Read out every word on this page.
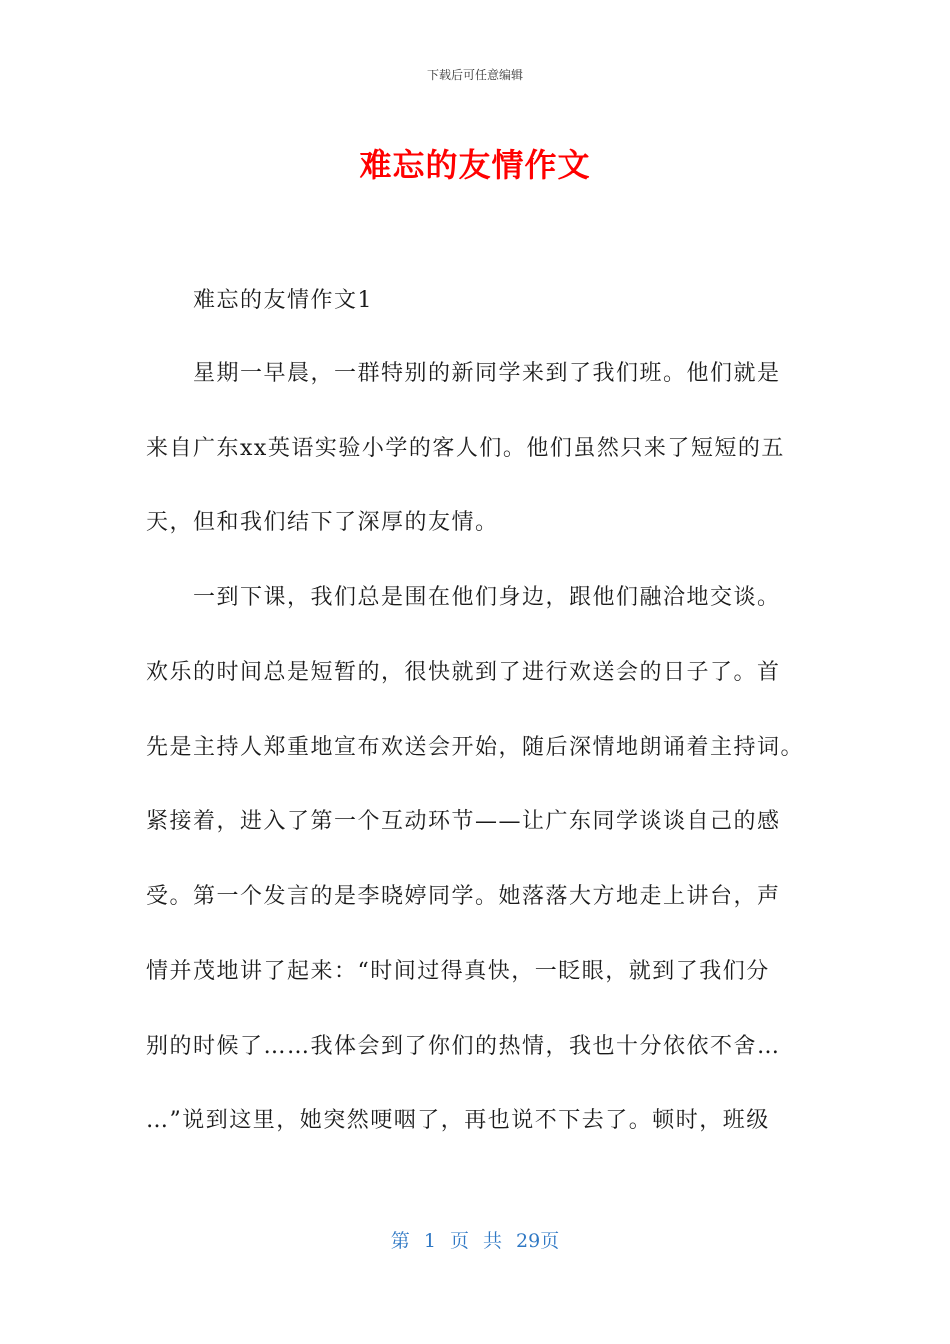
下载后可任意编辑
难忘的友情作文
难忘的友情作文1
星期一早晨，一群特别的新同学来到了我们班。他们就是
来自广东xx英语实验小学的客人们。他们虽然只来了短短的五
天，但和我们结下了深厚的友情。
一到下课，我们总是围在他们身边，跟他们融洽地交谈。
欢乐的时间总是短暂的，很快就到了进行欢送会的日子了。首
先是主持人郑重地宣布欢送会开始，随后深情地朗诵着主持词。
紧接着，进入了第一个互动环节——让广东同学谈谈自己的感
受。第一个发言的是李晓婷同学。她落落大方地走上讲台，声
情并茂地讲了起来：“时间过得真快，一眨眼，就到了我们分
别的时候了……我体会到了你们的热情，我也十分依依不舍…
…”说到这里，她突然哽咽了，再也说不下去了。顿时，班级
第 1 页 共 29页
